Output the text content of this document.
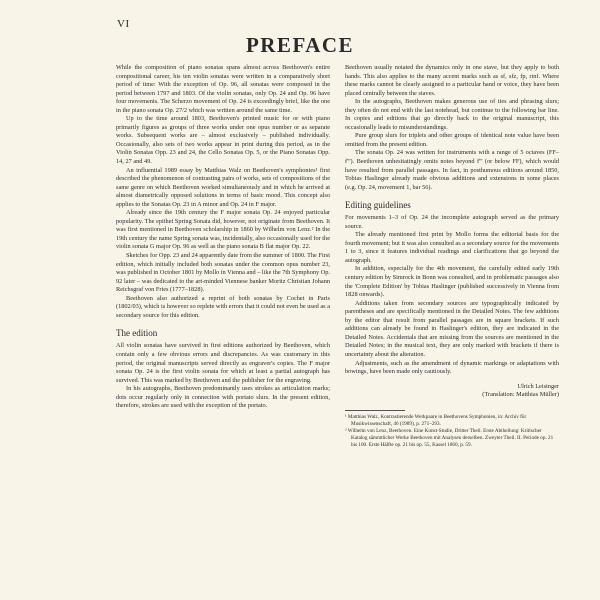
VI
PREFACE

While the composition of piano sonatas spans almost across Beethoven's entire compositional career, his ten violin sonatas were written in a comparatively short period of time: With the exception of Op. 96, all sonatas were composed in the period between 1797 and 1803. Of the violin sonatas, only Op. 24 and Op. 96 have four movements. The Scherzo movement of Op. 24 is exceedingly brief, like the one in the piano sonata Op. 27/2 which was written around the same time.

Up to the time around 1803, Beethoven's printed music for or with piano primarily figures as groups of three works under one opus number or as separate works. Subsequent works are – almost exclusively – published individually. Occasionally, also sets of two works appear in print during this period, as in the Violin Sonatas Opp. 23 and 24, the Cello Sonatas Op. 5, or the Piano Sonatas Opp. 14, 27 and 49.

An influential 1989 essay by Matthias Walz on Beethoven's symphonies¹ first described the phenomenon of contrasting pairs of works, sets of compositions of the same genre on which Beethoven worked simultaneously and in which he arrived at almost diametrically opposed solutions in terms of basic mood. This concept also applies to the Sonatas Op. 23 in A minor and Op. 24 in F major.

Already since the 19th century the F major sonata Op. 24 enjoyed particular popularity. The epithet Spring Sonata did, however, not originate from Beethoven. It was first mentioned in Beethoven scholarship in 1860 by Wilhelm von Lenz.² In the 19th century the name Spring sonata was, incidentally, also occasionally used for the violin sonata G major Op. 96 as well as the piano sonata B flat major Op. 22.

Sketches for Opp. 23 and 24 apparently date from the summer of 1800. The First edition, which initially included both sonatas under the common opus number 23, was published in October 1801 by Mollo in Vienna and – like the 7th Symphony Op. 92 later – was dedicated to the art-minded Viennese banker Moritz Christian Johann Reichsgraf von Fries (1777–1828).

Beethoven also authorized a reprint of both sonatas by Cochet in Paris (1802/03), which is however so replete with errors that it could not even be used as a secondary source for this edition.

The edition

All violin sonatas have survived in first editions authorized by Beethoven, which contain only a few obvious errors and discrepancies. As was customary in this period, the original manuscripts served directly as engraver's copies. The F major sonata Op. 24 is the first violin sonata for which at least a partial autograph has survived. This was marked by Beethoven and the publisher for the engraving.

In his autographs, Beethoven predominantly uses strokes as articulation marks; dots occur regularly only in connection with portato slurs. In the present edition, therefore, strokes are used with the exception of the portato.

Beethoven usually notated the dynamics only in one stave, but they apply to both hands. This also applies to the many accent marks such as sf, sfz, fp, rinf. Where these marks cannot be clearly assigned to a particular hand or voice, they have been placed centrally between the staves.

In the autographs, Beethoven makes generous use of ties and phrasing slurs; they often do not end with the last notehead, but continue to the following bar line. In copies and editions that go directly back to the original manuscript, this occasionally leads to misunderstandings.

Pure group slurs for triplets and other groups of identical note value have been omitted from the present edition.

The sonata Op. 24 was written for instruments with a range of 5 octaves (FF–f'''). Beethoven unhesitatingly omits notes beyond f''' (or below FF), which would have resulted from parallel passages. In fact, in posthumous editions around 1850, Tobias Haslinger already made obvious additions and extensions in some places (e.g. Op. 24, movement 1, bar 56).

Editing guidelines

For movements 1–3 of Op. 24 the incomplete autograph served as the primary source.

The already mentioned first print by Mollo forms the editorial basis for the fourth movement; but it was also consulted as a secondary source for the movements 1 to 3, since it features individual readings and clarifications that go beyond the autograph.

In addition, especially for the 4th movement, the carefully edited early 19th century edition by Simrock in Bonn was consulted, and in problematic passages also the 'Complete Edition' by Tobias Haslinger (published successively in Vienna from 1828 onwards).

Additions taken from secondary sources are typographically indicated by parentheses and are specifically mentioned in the Detailed Notes. The few additions by the editor that result from parallel passages are in square brackets. If such additions can already be found in Haslinger's edition, they are indicated in the Detailed Notes. Accidentals that are missing from the sources are mentioned in the Detailed Notes; in the musical text, they are only marked with brackets if there is uncertainty about the alteration.

Adjustments, such as the amendment of dynamic markings or adaptations with bowings, have been made only cautiously.

Ulrich Leisinger
(Translation: Matthias Müller)

¹ Matthias Walz, Kontrastierende Werkpaare in Beethovens Symphonien, in: Archiv für Musikwissenschaft, 46 (1989), p. 271–293.

² Wilhelm von Lenz, Beethoven. Eine Kunst-Studie, Dritter Theil. Erste Abtheilung: Kritischer Katalog sämmtlicher Werke Beethoven mit Analysen derselben. Zweyter Theil. II. Periode op. 21 bis 100. Erste Hälfte op. 21 bis op. 55, Kassel 1860, p. 59.
